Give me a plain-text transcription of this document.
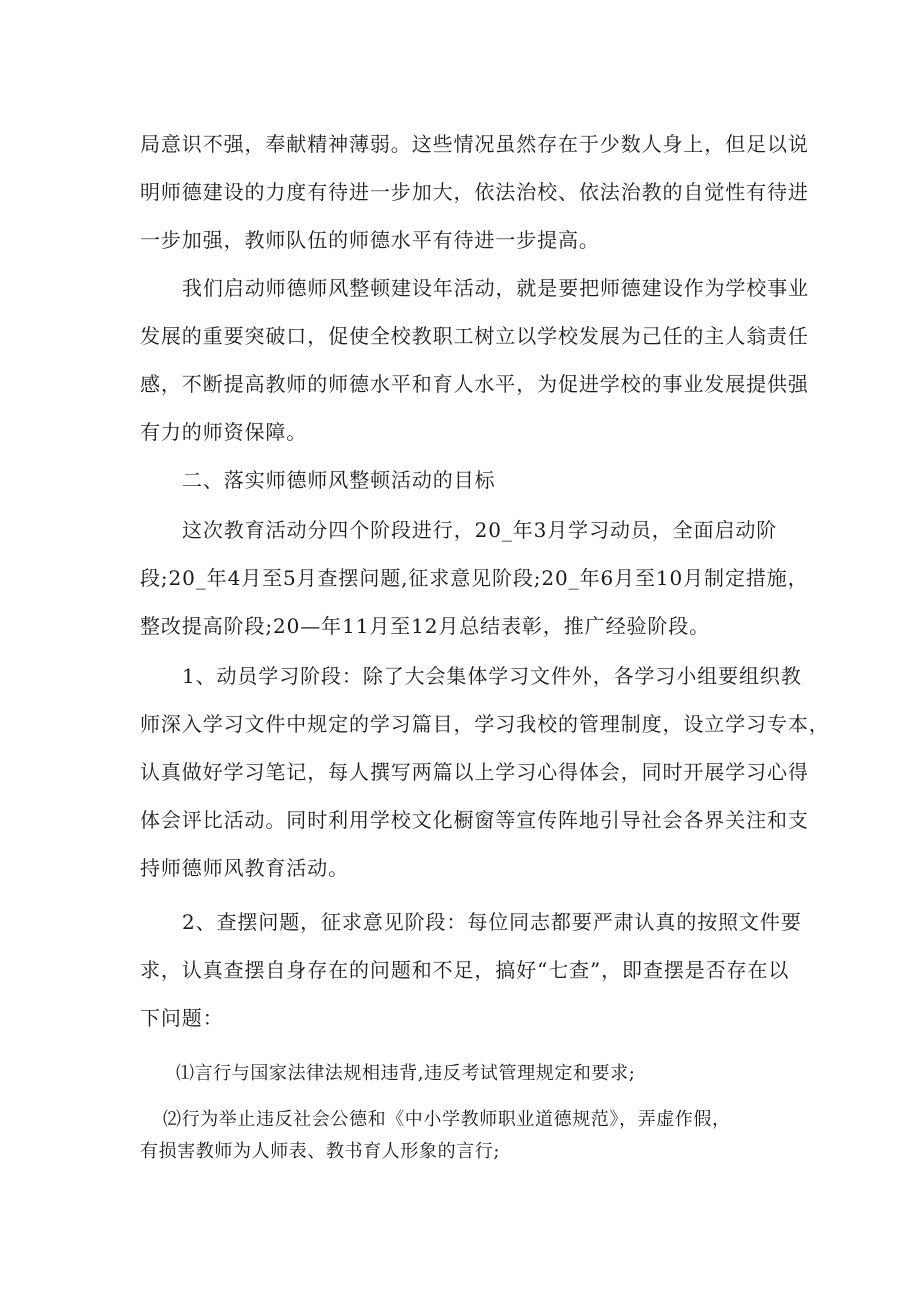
局意识不强，奉献精神薄弱。这些情况虽然存在于少数人身上，但足以说
明师德建设的力度有待进一步加大，依法治校、依法治教的自觉性有待进
一步加强，教师队伍的师德水平有待进一步提高。
我们启动师德师风整顿建设年活动，就是要把师德建设作为学校事业
发展的重要突破口，促使全校教职工树立以学校发展为己任的主人翁责任
感，不断提高教师的师德水平和育人水平，为促进学校的事业发展提供强
有力的师资保障。
二、落实师德师风整顿活动的目标
这次教育活动分四个阶段进行，20_年3月学习动员，全面启动阶
段;20_年4月至5月查摆问题,征求意见阶段;20_年6月至10月制定措施，
整改提高阶段;20—年11月至12月总结表彰，推广经验阶段。
1、动员学习阶段：除了大会集体学习文件外，各学习小组要组织教
师深入学习文件中规定的学习篇目，学习我校的管理制度，设立学习专本，
认真做好学习笔记，每人撰写两篇以上学习心得体会，同时开展学习心得
体会评比活动。同时利用学校文化橱窗等宣传阵地引导社会各界关注和支
持师德师风教育活动。
2、查摆问题，征求意见阶段：每位同志都要严肃认真的按照文件要
求，认真查摆自身存在的问题和不足，搞好“七查”，即查摆是否存在以
下问题：
⑴言行与国家法律法规相违背,违反考试管理规定和要求;
⑵行为举止违反社会公德和《中小学教师职业道德规范》，弄虚作假，
有损害教师为人师表、教书育人形象的言行;
